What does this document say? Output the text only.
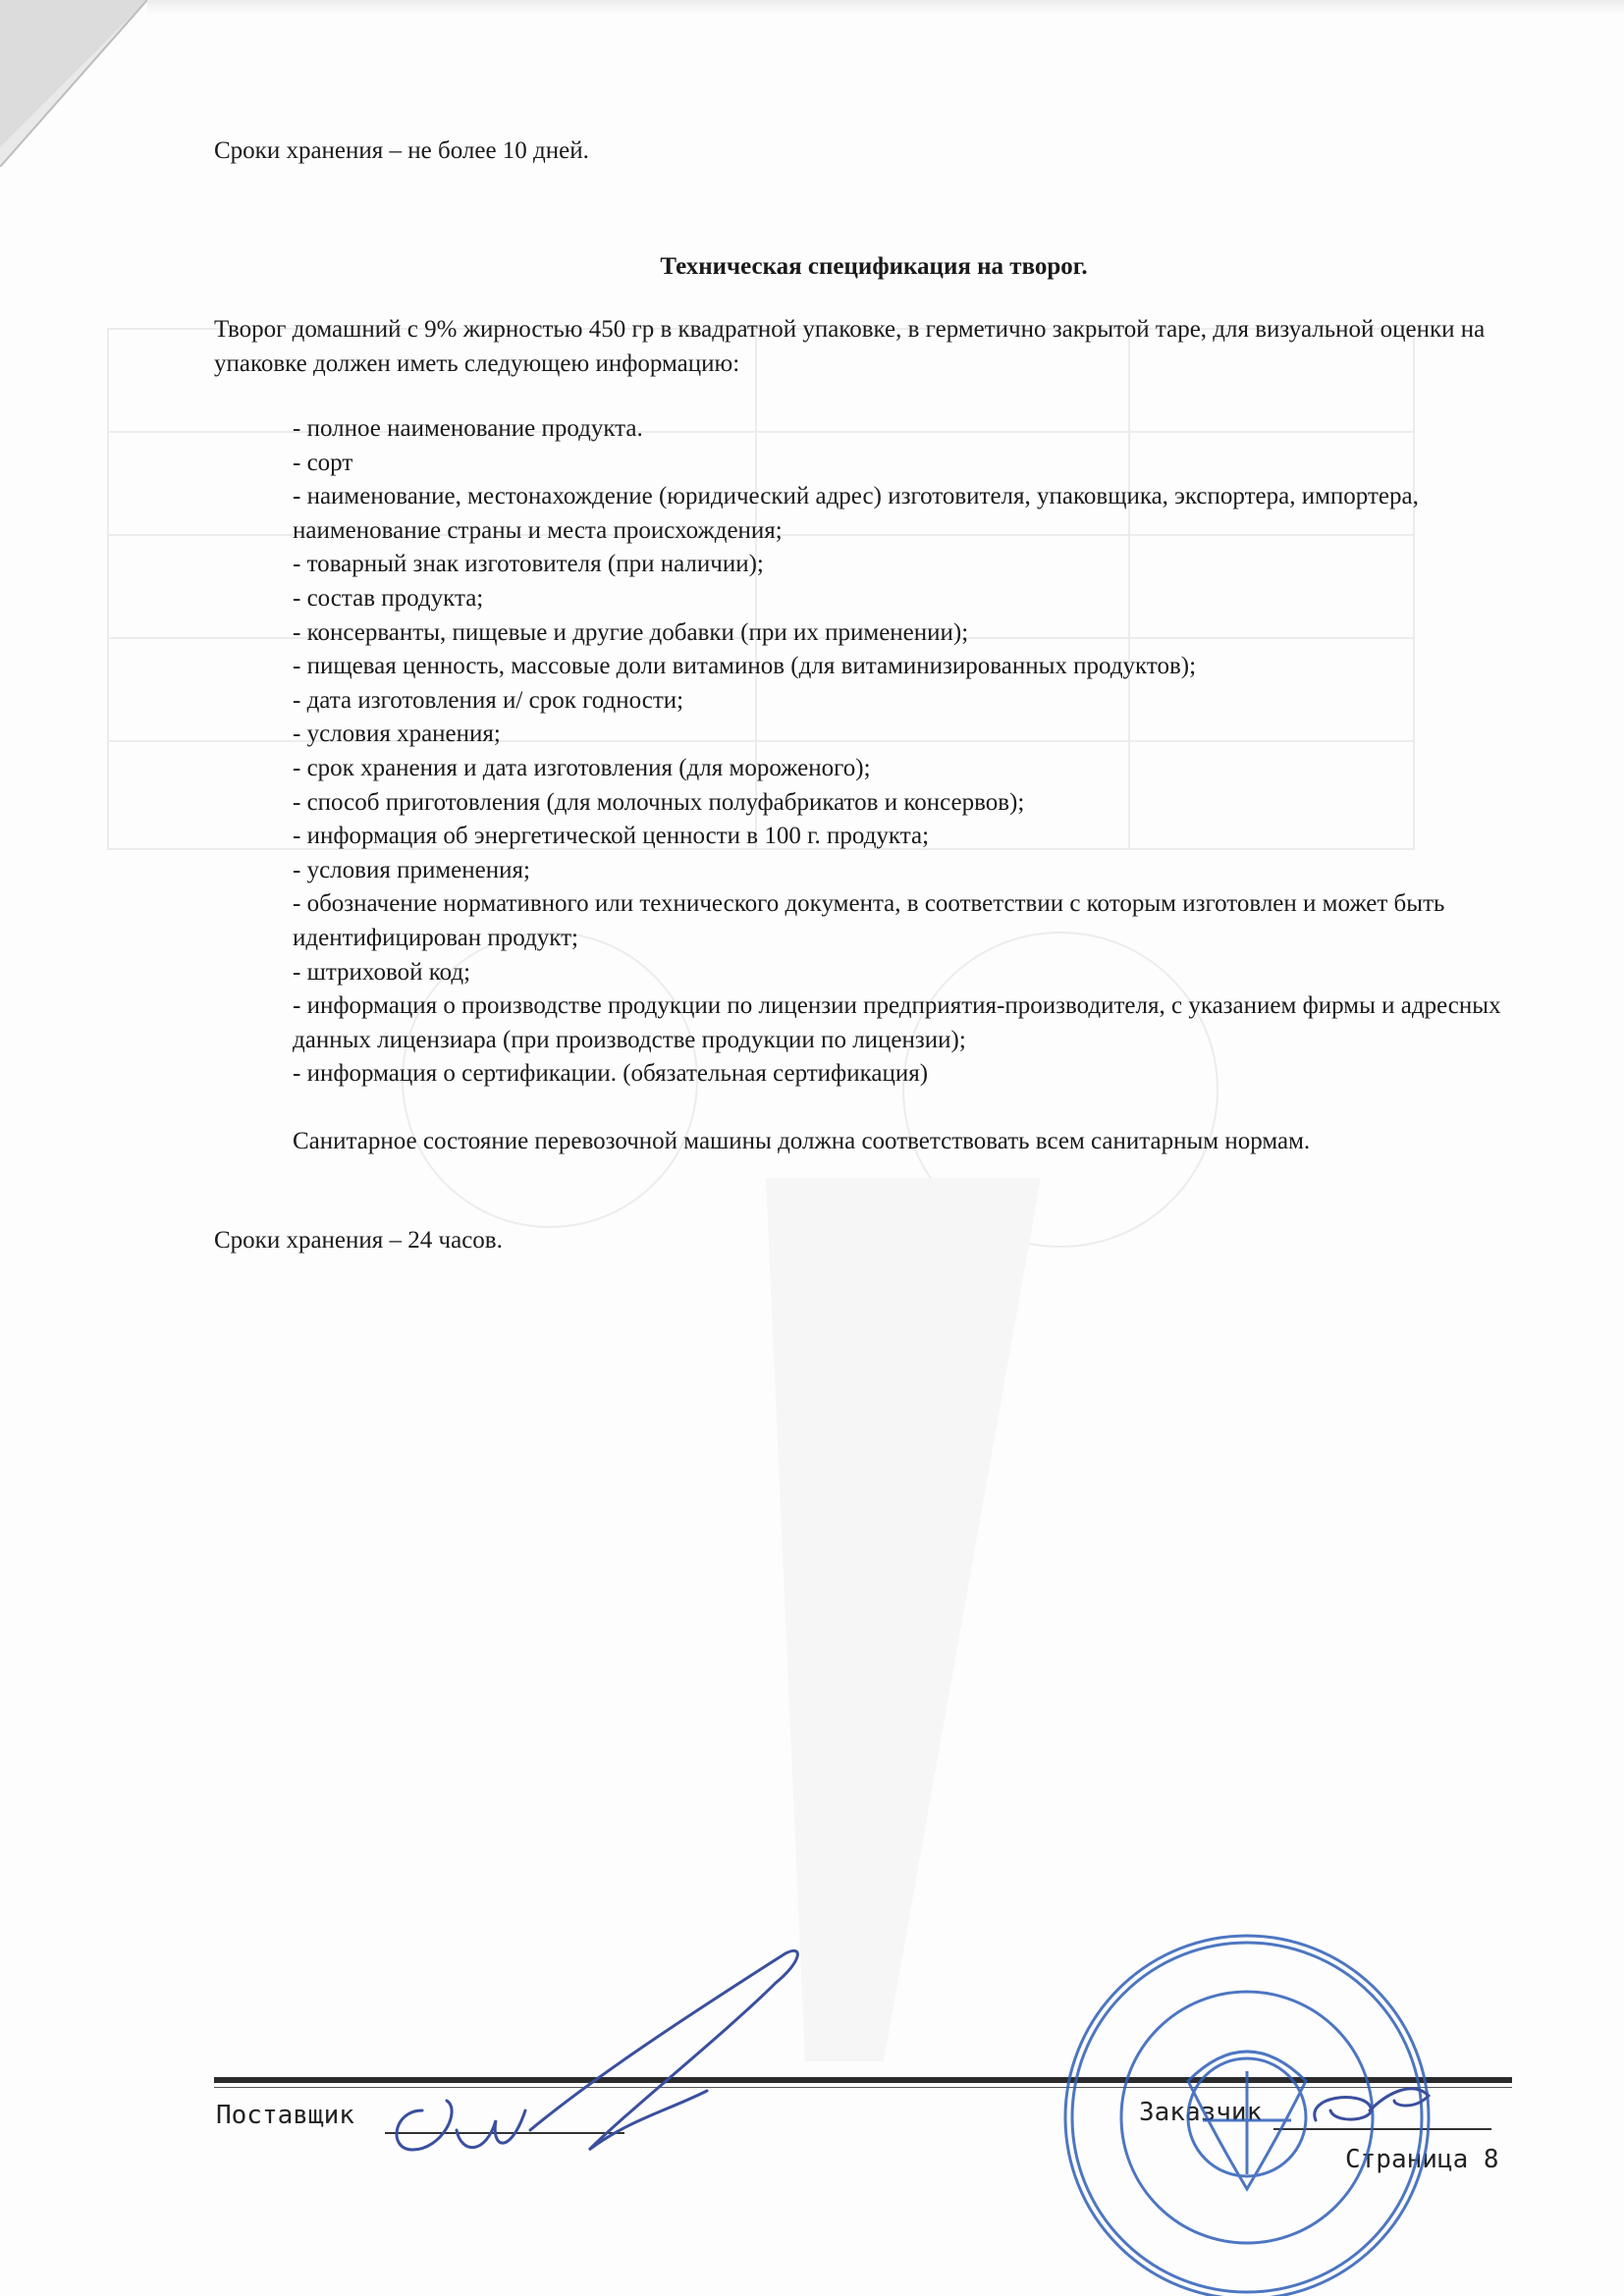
Сроки хранения – не более 10 дней.
Техническая спецификация на творог.
Творог домашний с 9% жирностью 450 гр в квадратной упаковке, в герметично закрытой таре, для визуальной оценки на упаковке должен иметь следующею информацию:
- полное наименование продукта.
- сорт
- наименование, местонахождение (юридический адрес) изготовителя, упаковщика, экспортера, импортера, наименование страны и места происхождения;
- товарный знак изготовителя (при наличии);
- состав продукта;
- консерванты, пищевые и другие добавки (при их применении);
- пищевая ценность, массовые доли витаминов (для витаминизированных продуктов);
- дата изготовления и/ срок годности;
- условия хранения;
- срок хранения и дата изготовления (для мороженого);
- способ приготовления (для молочных полуфабрикатов и консервов);
- информация об энергетической ценности в 100 г. продукта;
- условия применения;
- обозначение нормативного или технического документа, в соответствии с которым изготовлен и может быть идентифицирован продукт;
- штриховой код;
- информация о производстве продукции по лицензии предприятия-производителя, с указанием фирмы и адресных данных лицензиара (при производстве продукции по лицензии);
- информация о сертификации. (обязательная сертификация)
Санитарное состояние перевозочной машины должна соответствовать всем санитарным нормам.
Сроки хранения – 24 часов.
Поставщик	Заказчик
Страница 8
